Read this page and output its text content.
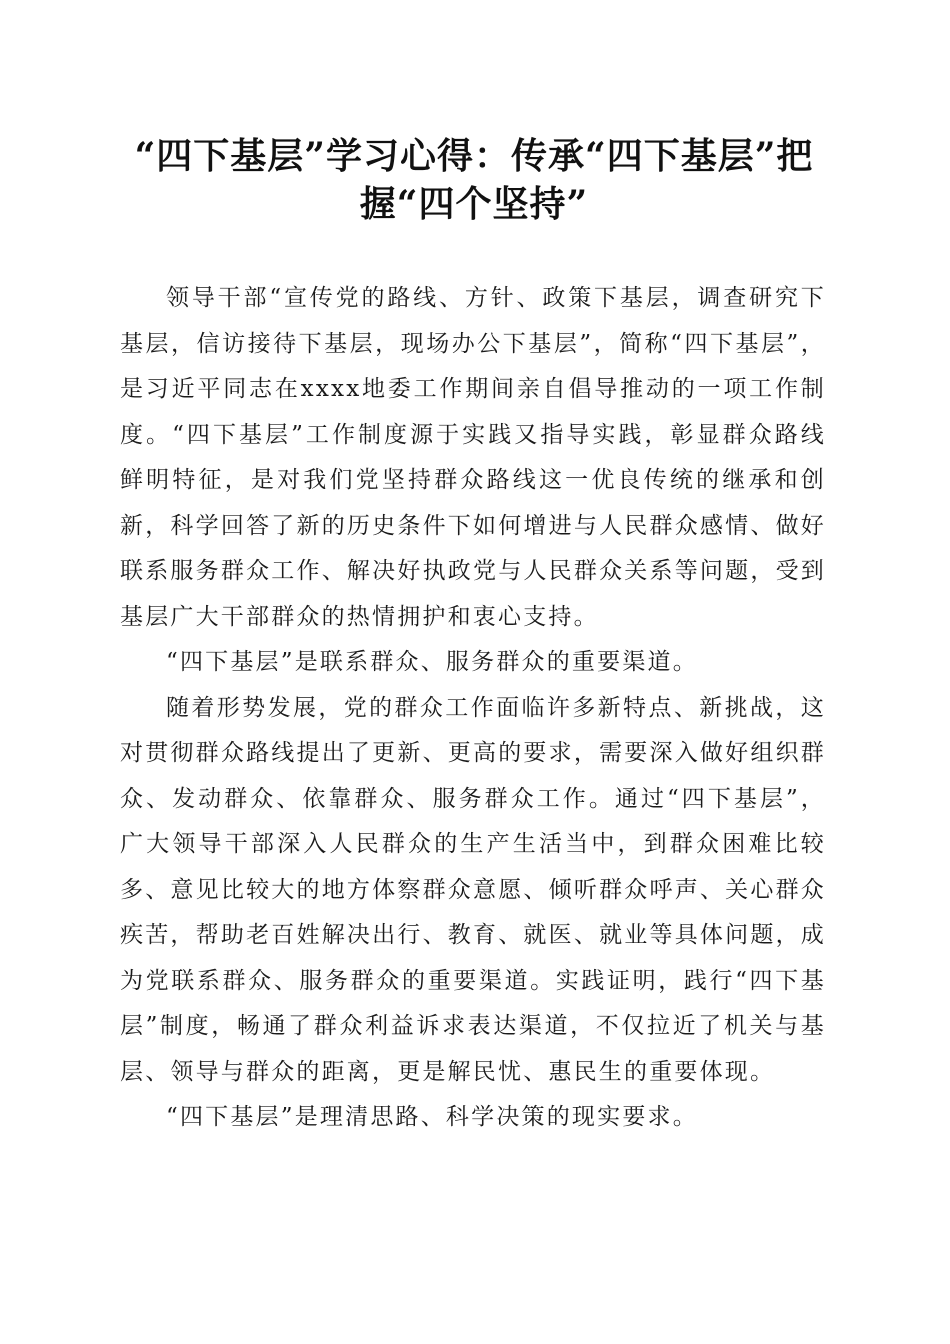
“四下基层”学习心得：传承“四下基层”把握“四个坚持”

领导干部“宣传党的路线、方针、政策下基层，调查研究下基层，信访接待下基层，现场办公下基层”，简称“四下基层”，是习近平同志在xxxx地委工作期间亲自倡导推动的一项工作制度。“四下基层”工作制度源于实践又指导实践，彰显群众路线鲜明特征，是对我们党坚持群众路线这一优良传统的继承和创新，科学回答了新的历史条件下如何增进与人民群众感情、做好联系服务群众工作、解决好执政党与人民群众关系等问题，受到基层广大干部群众的热情拥护和衷心支持。

“四下基层”是联系群众、服务群众的重要渠道。

随着形势发展，党的群众工作面临许多新特点、新挑战，这对贯彻群众路线提出了更新、更高的要求，需要深入做好组织群众、发动群众、依靠群众、服务群众工作。通过“四下基层”，广大领导干部深入人民群众的生产生活当中，到群众困难比较多、意见比较大的地方体察群众意愿、倾听群众呼声、关心群众疾苦，帮助老百姓解决出行、教育、就医、就业等具体问题，成为党联系群众、服务群众的重要渠道。实践证明，践行“四下基层”制度，畅通了群众利益诉求表达渠道，不仅拉近了机关与基层、领导与群众的距离，更是解民忧、惠民生的重要体现。

“四下基层”是理清思路、科学决策的现实要求。
